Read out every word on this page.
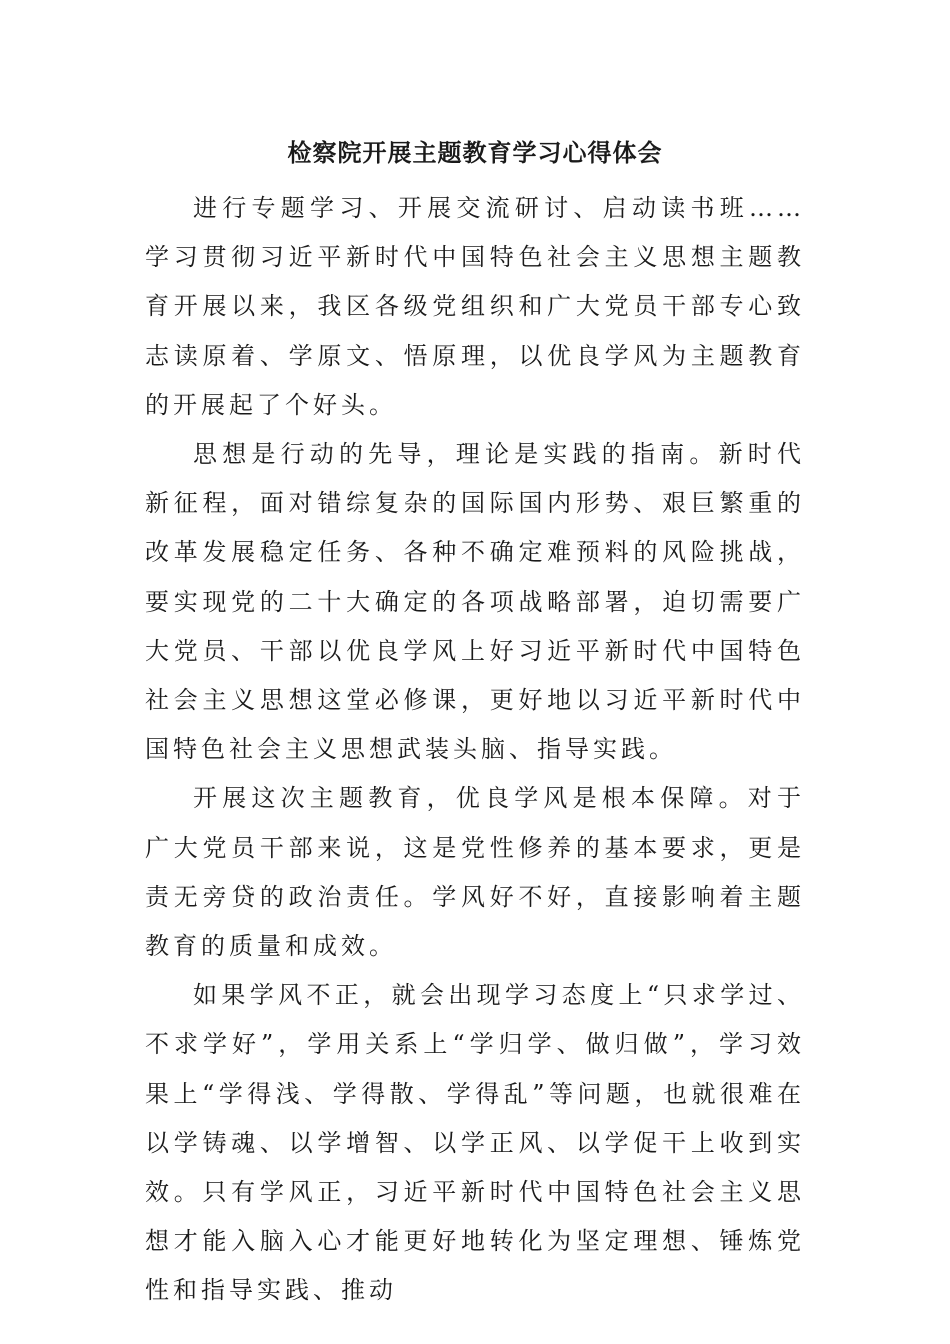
检察院开展主题教育学习心得体会

进行专题学习、开展交流研讨、启动读书班……学习贯彻习近平新时代中国特色社会主义思想主题教育开展以来，我区各级党组织和广大党员干部专心致志读原着、学原文、悟原理，以优良学风为主题教育的开展起了个好头。

思想是行动的先导，理论是实践的指南。新时代新征程，面对错综复杂的国际国内形势、艰巨繁重的改革发展稳定任务、各种不确定难预料的风险挑战，要实现党的二十大确定的各项战略部署，迫切需要广大党员、干部以优良学风上好习近平新时代中国特色社会主义思想这堂必修课，更好地以习近平新时代中国特色社会主义思想武装头脑、指导实践。

开展这次主题教育，优良学风是根本保障。对于广大党员干部来说，这是党性修养的基本要求，更是责无旁贷的政治责任。学风好不好，直接影响着主题教育的质量和成效。

如果学风不正，就会出现学习态度上“只求学过、不求学好”，学用关系上“学归学、做归做”，学习效果上“学得浅、学得散、学得乱”等问题，也就很难在以学铸魂、以学增智、以学正风、以学促干上收到实效。只有学风正，习近平新时代中国特色社会主义思想才能入脑入心才能更好地转化为坚定理想、锤炼党性和指导实践、推动
